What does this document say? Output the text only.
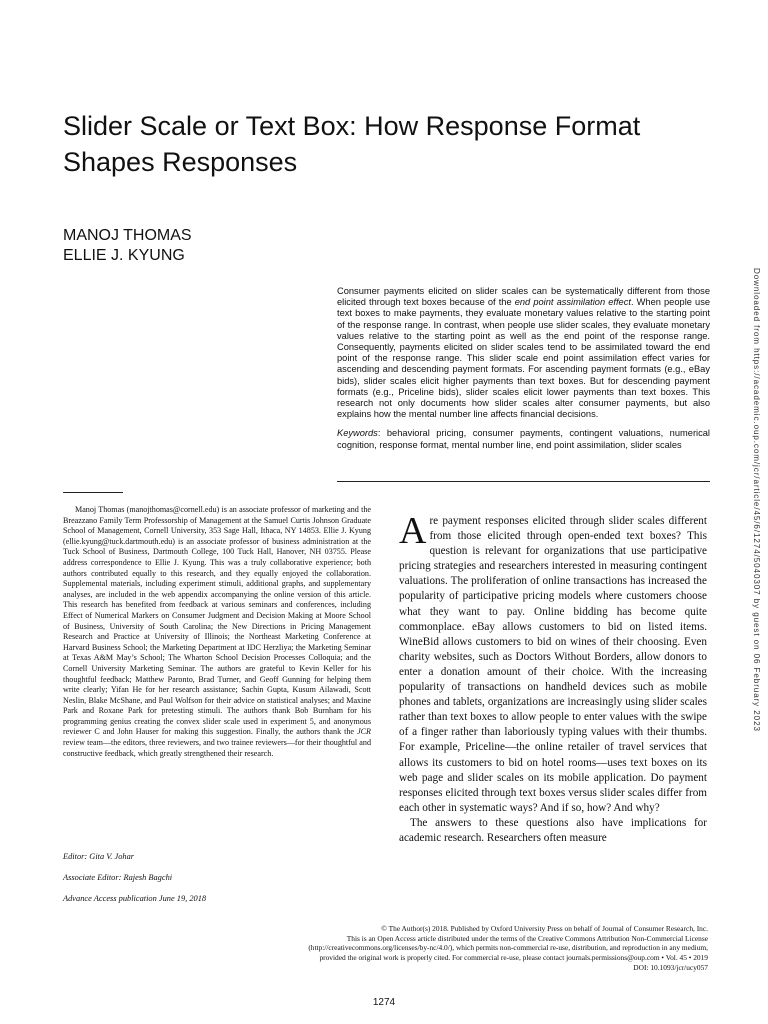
Slider Scale or Text Box: How Response Format Shapes Responses
MANOJ THOMAS
ELLIE J. KYUNG

Consumer payments elicited on slider scales can be systematically different from those elicited through text boxes because of the end point assimilation effect. When people use text boxes to make payments, they evaluate monetary values relative to the starting point of the response range. In contrast, when people use slider scales, they evaluate monetary values relative to the starting point as well as the end point of the response range. Consequently, payments elicited on slider scales tend to be assimilated toward the end point of the response range. This slider scale end point assimilation effect varies for ascending and descending payment formats. For ascending payment formats (e.g., eBay bids), slider scales elicit higher payments than text boxes. But for descending payment formats (e.g., Priceline bids), slider scales elicit lower payments than text boxes. This research not only documents how slider scales alter consumer payments, but also explains how the mental number line affects financial decisions.

Keywords: behavioral pricing, consumer payments, contingent valuations, numerical cognition, response format, mental number line, end point assimilation, slider scales

Manoj Thomas (manojthomas@cornell.edu) is an associate professor of marketing and the Breazzano Family Term Professorship of Management at the Samuel Curtis Johnson Graduate School of Management, Cornell University, 353 Sage Hall, Ithaca, NY 14853. Ellie J. Kyung (ellie.kyung@tuck.dartmouth.edu) is an associate professor of business administration at the Tuck School of Business, Dartmouth College, 100 Tuck Hall, Hanover, NH 03755. Please address correspondence to Ellie J. Kyung. This was a truly collaborative experience; both authors contributed equally to this research, and they equally enjoyed the collaboration. Supplemental materials, including experiment stimuli, additional graphs, and supplementary analyses, are included in the web appendix accompanying the online version of this article. This research has benefited from feedback at various seminars and conferences, including Effect of Numerical Markers on Consumer Judgment and Decision Making at Moore School of Business, University of South Carolina; the New Directions in Pricing Management Research and Practice at University of Illinois; the Northeast Marketing Conference at Harvard Business School; the Marketing Department at IDC Herzliya; the Marketing Seminar at Texas A&M May’s School; The Wharton School Decision Processes Colloquia; and the Cornell University Marketing Seminar. The authors are grateful to Kevin Keller for his thoughtful feedback; Matthew Paronto, Brad Turner, and Geoff Gunning for helping them write clearly; Yifan He for her research assistance; Sachin Gupta, Kusum Ailawadi, Scott Neslin, Blake McShane, and Paul Wolfson for their advice on statistical analyses; and Maxine Park and Roxane Park for pretesting stimuli. The authors thank Bob Burnham for his programming genius creating the convex slider scale used in experiment 5, and anonymous reviewer C and John Hauser for making this suggestion. Finally, the authors thank the JCR review team—the editors, three reviewers, and two trainee reviewers—for their thoughtful and constructive feedback, which greatly strengthened their research.

Editor: Gita V. Johar
Associate Editor: Rajesh Bagchi
Advance Access publication June 19, 2018

Are payment responses elicited through slider scales different from those elicited through open-ended text boxes? This question is relevant for organizations that use participative pricing strategies and researchers interested in measuring contingent valuations. The proliferation of online transactions has increased the popularity of participative pricing models where customers choose what they want to pay. Online bidding has become quite commonplace. eBay allows customers to bid on listed items. WineBid allows customers to bid on wines of their choosing. Even charity websites, such as Doctors Without Borders, allow donors to enter a donation amount of their choice. With the increasing popularity of transactions on handheld devices such as mobile phones and tablets, organizations are increasingly using slider scales rather than text boxes to allow people to enter values with the swipe of a finger rather than laboriously typing values with their thumbs. For example, Priceline—the online retailer of travel services that allows its customers to bid on hotel rooms—uses text boxes on its web page and slider scales on its mobile application. Do payment responses elicited through text boxes versus slider scales differ from each other in systematic ways? And if so, how? And why?

The answers to these questions also have implications for academic research. Researchers often measure

© The Author(s) 2018. Published by Oxford University Press on behalf of Journal of Consumer Research, Inc.
This is an Open Access article distributed under the terms of the Creative Commons Attribution Non-Commercial License
(http://creativecommons.org/licenses/by-nc/4.0/), which permits non-commercial re-use, distribution, and reproduction in any medium,
provided the original work is properly cited. For commercial re-use, please contact journals.permissions@oup.com • Vol. 45 • 2019
DOI: 10.1093/jcr/ucy057
1274
Downloaded from https://academic.oup.com/jcr/article/45/6/1274/5040307 by guest on 06 February 2023
